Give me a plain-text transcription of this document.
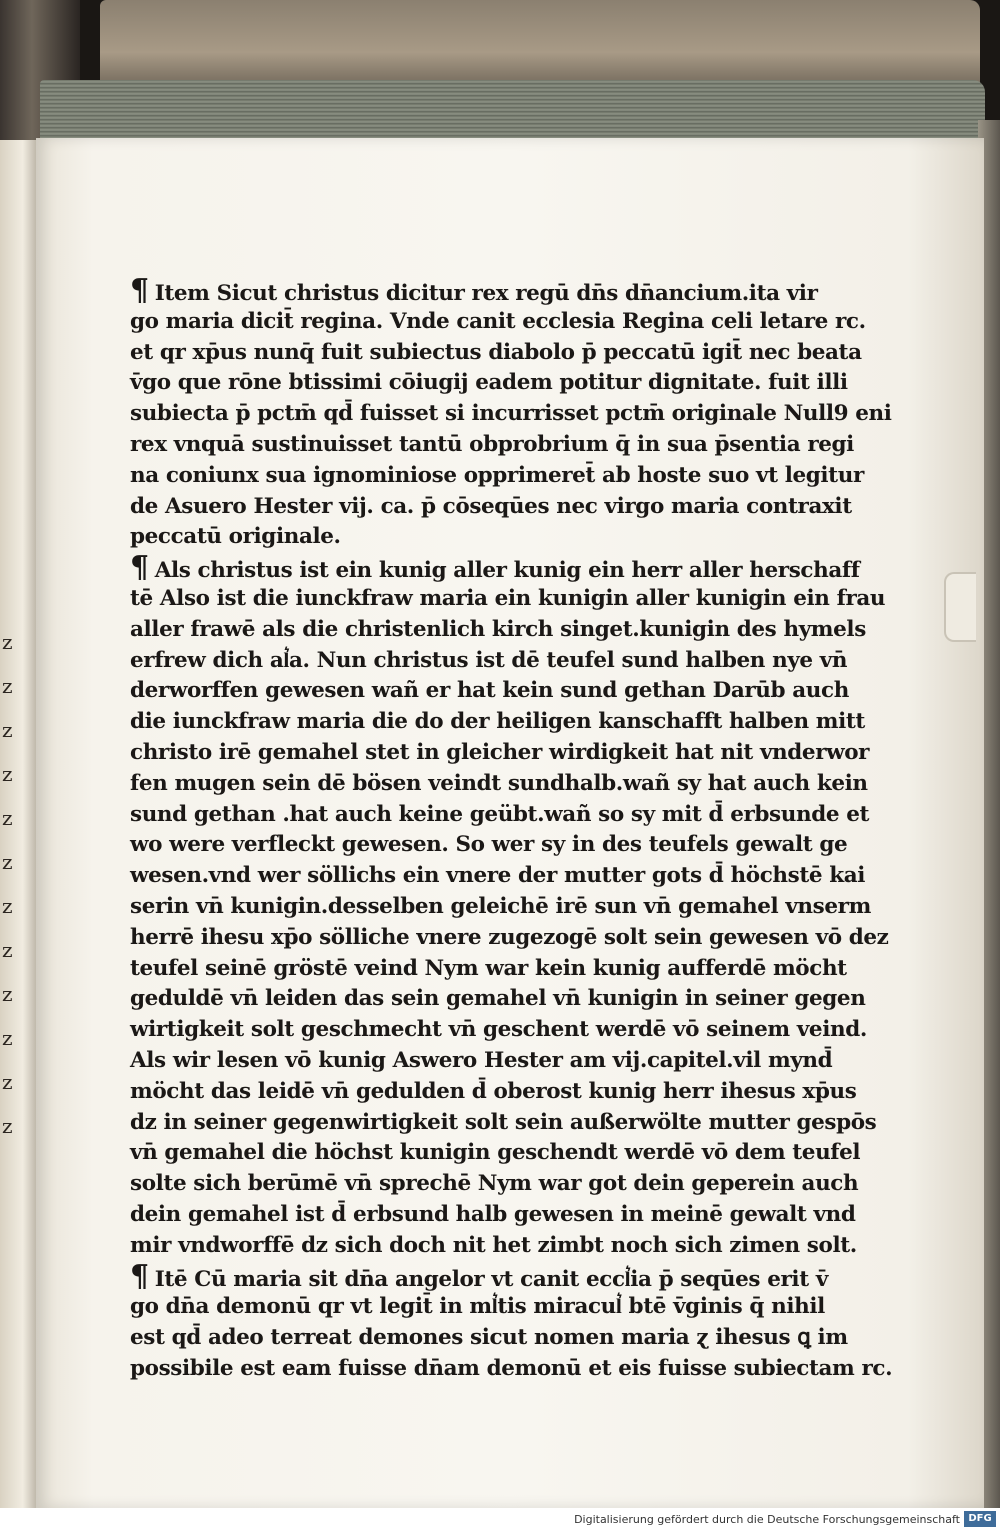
z
z
z
z
z
z
z
z
z
z
z
z
¶ Item Sicut christus dicitur rex regū dn̄s dn̄ancium.ita vir
go maria dicit̄ regina. Vnde canit ecclesia Regina celi letare rc.
et qr xp̄us nunq̄ fuit subiectus diabolo p̄ peccatū igit̄ nec beata
v̄go que rōne btissimi cōiugij eadem potitur dignitate. fuit illi
subiecta p̄ pctm̄ qd̄ fuisset si incurrisset pctm̄ originale Null9 eni
rex vnquā sustinuisset tantū obprobrium q̄ in sua p̄sentia regi
na coniunx sua ignominiose opprimeret̄ ab hoste suo vt legitur
de Asuero Hester vij. ca. p̄ cōseqūes nec virgo maria contraxit
peccatū originale.
¶ Als christus ist ein kunig aller kunig ein herr aller herschaff
tē Also ist die iunckfraw maria ein kunigin aller kunigin ein frau
aller frawē als die christenlich kirch singet.kunigin des hymels
erfrew dich al͛a. Nun christus ist dē teufel sund halben nye vn̄
derworffen gewesen wañ er hat kein sund gethan Darūb auch
die iunckfraw maria die do der heiligen kanschafft halben mitt
christo irē gemahel stet in gleicher wirdigkeit hat nit vnderwor
fen mugen sein dē bösen veindt sundhalb.wañ sy hat auch kein
sund gethan .hat auch keine geübt.wañ so sy mit d̄ erbsunde et
wo were verfleckt gewesen. So wer sy in des teufels gewalt ge
wesen.vnd wer söllichs ein vnere der mutter gots d̄ höchstē kai
serin vn̄ kunigin.desselben geleichē irē sun vn̄ gemahel vnserm
herrē ihesu xp̄o sölliche vnere zugezogē solt sein gewesen vō dez
teufel seinē gröstē veind Nym war kein kunig aufferdē möcht
geduldē vn̄ leiden das sein gemahel vn̄ kunigin in seiner gegen
wirtigkeit solt geschmecht vn̄ geschent werdē vō seinem veind.
Als wir lesen vō kunig Aswero Hester am vij.capitel.vil mynd̄
möcht das leidē vn̄ gedulden d̄ oberost kunig herr ihesus xp̄us
dz in seiner gegenwirtigkeit solt sein außerwölte mutter gespōs
vn̄ gemahel die höchst kunigin geschendt werdē vō dem teufel
solte sich berūmē vn̄ sprechē Nym war got dein geperein auch
dein gemahel ist d̄ erbsund halb gewesen in meinē gewalt vnd
mir vndworffē dz sich doch nit het zimbt noch sich zimen solt.
¶ Itē Cū maria sit dn̄a angelor vt canit eccl͛ia p̄ seqūes erit v̄
go dn̄a demonū qr vt legit̄ in ml͛tis miracul͛ btē v̄ginis q̄ nihil
est qd̄ adeo terreat demones sicut nomen maria ɀ ihesus ꝗ im
possibile est eam fuisse dn̄am demonū et eis fuisse subiectam rc.
Digitalisierung gefördert durch die Deutsche Forschungsgemeinschaft DFG
